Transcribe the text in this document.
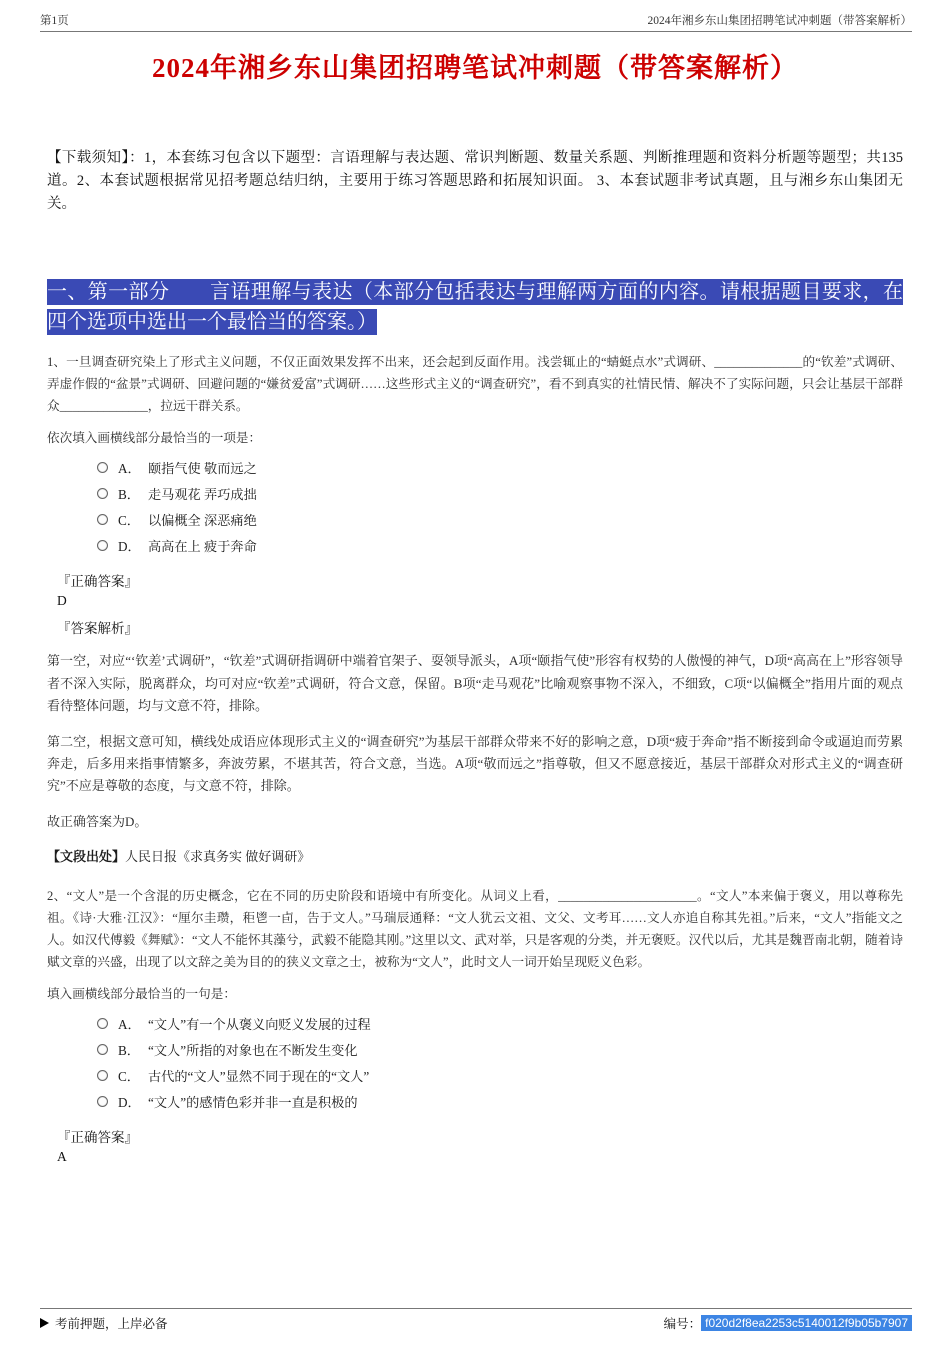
第1页	2024年湘乡东山集团招聘笔试冲刺题（带答案解析）
2024年湘乡东山集团招聘笔试冲刺题（带答案解析）
【下载须知】：1，本套练习包含以下题型：言语理解与表达题、常识判断题、数量关系题、判断推理题和资料分析题等题型；共135道。2、本套试题根据常见招考题总结归纳，主要用于练习答题思路和拓展知识面。 3、本套试题非考试真题，且与湘乡东山集团无关。
一、第一部分　　言语理解与表达（本部分包括表达与理解两方面的内容。请根据题目要求，在四个选项中选出一个最恰当的答案。）
1、一旦调查研究染上了形式主义问题，不仅正面效果发挥不出来，还会起到反面作用。浅尝辄止的“蜻蜓点水”式调研、______________的“钦差”式调研、弄虚作假的“盆景”式调研、回避问题的“嫌贫爱富”式调研……这些形式主义的“调查研究”，看不到真实的社情民情、解决不了实际问题，只会让基层干部群众______________，拉远干群关系。
依次填入画横线部分最恰当的一项是：
A． 颐指气使 敬而远之
B． 走马观花 弄巧成拙
C． 以偏概全 深恶痛绝
D． 高高在上 疲于奔命
『正确答案』
D
『答案解析』
第一空，对应“‘钦差’式调研”，“钦差”式调研指调研中端着官架子、耍领导派头，A项“颐指气使”形容有权势的人傲慢的神气，D项“高高在上”形容领导者不深入实际，脱离群众，均可对应“钦差”式调研，符合文意，保留。B项“走马观花”比喻观察事物不深入，不细致，C项“以偏概全”指用片面的观点看待整体问题，均与文意不符，排除。
第二空，根据文意可知，横线处成语应体现形式主义的“调查研究”为基层干部群众带来不好的影响之意，D项“疲于奔命”指不断接到命令或逼迫而劳累奔走，后多用来指事情繁多，奔波劳累，不堪其苦，符合文意，当选。A项“敬而远之”指尊敬，但又不愿意接近，基层干部群众对形式主义的“调查研究”不应是尊敬的态度，与文意不符，排除。
故正确答案为D。
【文段出处】人民日报《求真务实 做好调研》
2、“文人”是一个含混的历史概念，它在不同的历史阶段和语境中有所变化。从词义上看，______________________。“文人”本来偏于褒义，用以尊称先祖。《诗·大雅·江汉》：“厘尔圭瓒，秬鬯一卣，告于文人。”马瑞辰通释：“文人犹云文祖、文父、文考耳……文人亦追自称其先祖。”后来，“文人”指能文之人。如汉代傅毅《舞赋》：“文人不能怀其藻兮，武毅不能隐其刚。”这里以文、武对举，只是客观的分类，并无褒贬。汉代以后，尤其是魏晋南北朝，随着诗赋文章的兴盛，出现了以文辞之美为目的的狭义文章之士，被称为“文人”，此时文人一词开始呈现贬义色彩。
填入画横线部分最恰当的一句是：
A． “文人”有一个从褒义向贬义发展的过程
B． “文人”所指的对象也在不断发生变化
C． 古代的“文人”显然不同于现在的“文人”
D． “文人”的感情色彩并非一直是积极的
『正确答案』
A
考前押题，上岸必备	编号： f020d2f8ea2253c5140012f9b05b7907
